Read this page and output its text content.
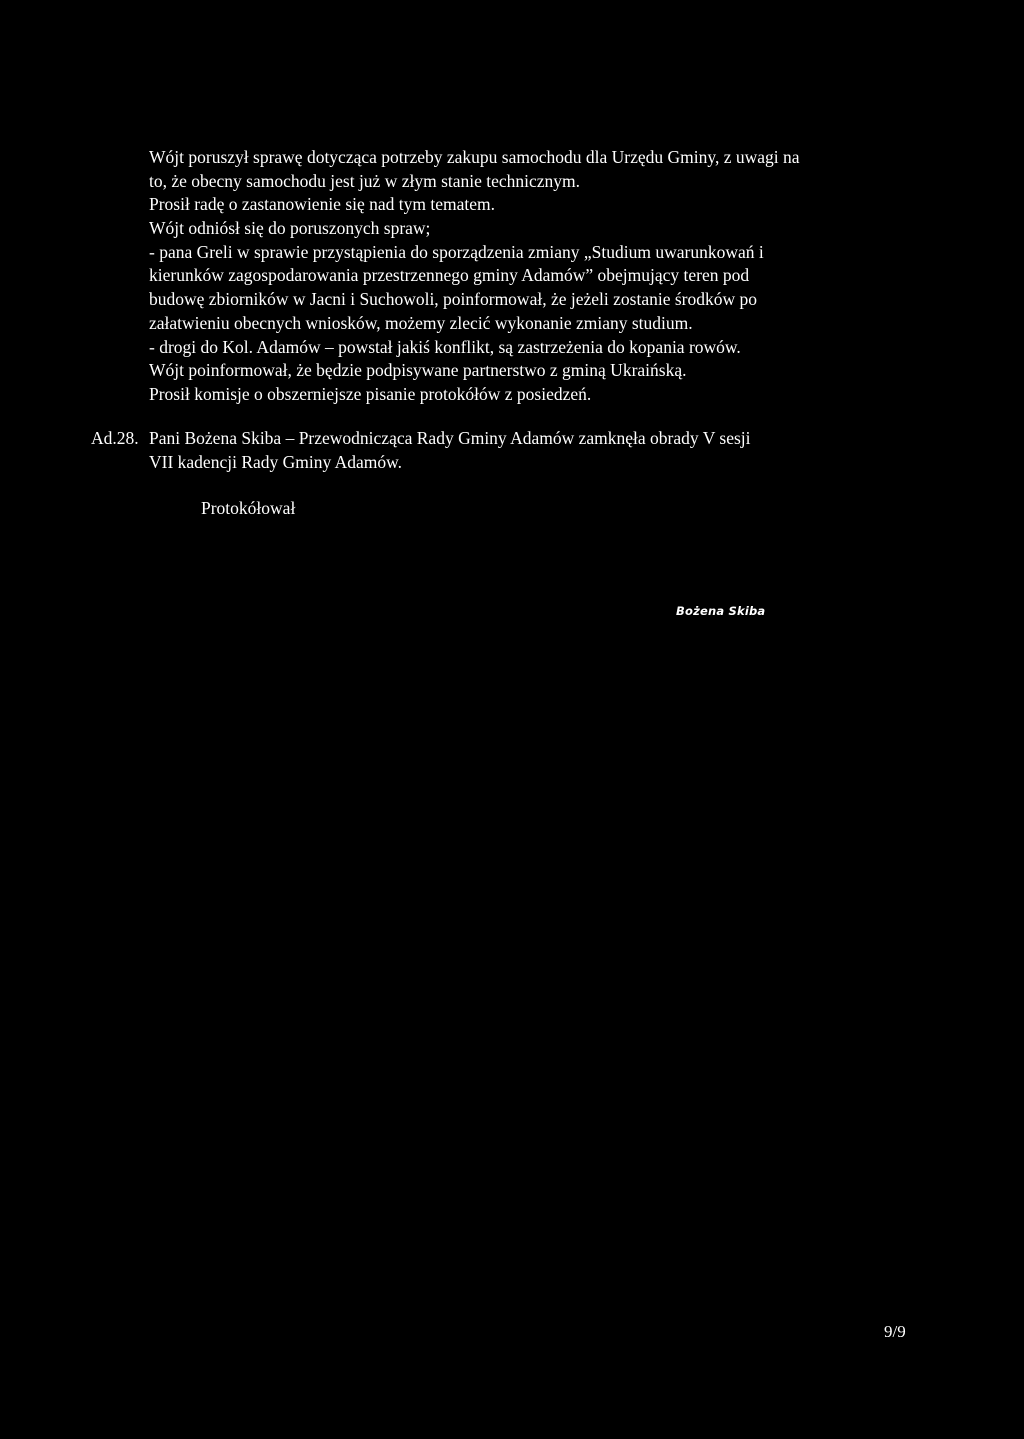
Wójt poruszył sprawę dotycząca potrzeby zakupu samochodu dla Urzędu Gminy, z uwagi na
to, że obecny samochodu jest już w złym stanie technicznym.
Prosił radę o zastanowienie się nad tym tematem.
Wójt odniósł się do poruszonych spraw;
- pana Greli w sprawie przystąpienia do sporządzenia zmiany „Studium uwarunkowań i
kierunków zagospodarowania przestrzennego gminy Adamów” obejmujący teren pod
budowę zbiorników w Jacni i Suchowoli, poinformował, że jeżeli zostanie środków po
załatwieniu obecnych wniosków, możemy zlecić wykonanie zmiany studium.
- drogi do Kol. Adamów – powstał jakiś konflikt, są zastrzeżenia do kopania rowów.
Wójt poinformował, że będzie podpisywane partnerstwo z gminą Ukraińską.
Prosił komisje o obszerniejsze pisanie protokółów z posiedzeń.
Ad.28. Pani Bożena Skiba – Przewodnicząca Rady Gminy Adamów zamknęła obrady V sesji
VII kadencji Rady Gminy Adamów.
Protokółował
Bożena Skiba
9/9
